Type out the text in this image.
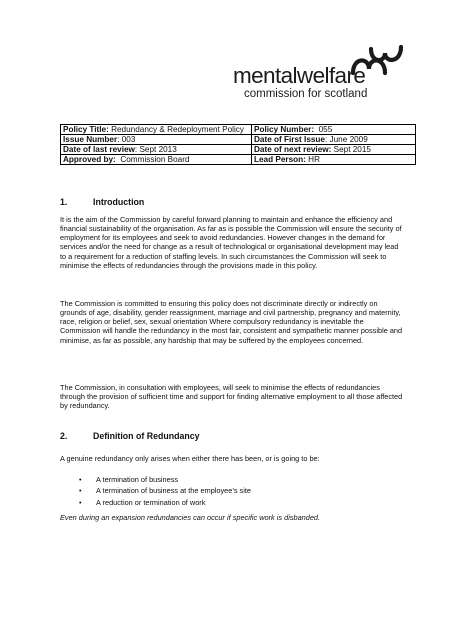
mentalwelfare
commission for scotland
Policy Title: Redundancy & Redeployment Policy	Policy Number: 055
Issue Number: 003	Date of First Issue: June 2009
Date of last review: Sept 2013	Date of next review: Sept 2015
Approved by: Commission Board	Lead Person: HR
1.	Introduction
It is the aim of the Commission by careful forward planning to maintain and enhance the efficiency and financial sustainability of the organisation. As far as is possible the Commission will ensure the security of employment for its employees and seek to avoid redundancies. However changes in the demand for services and/or the need for change as a result of technological or organisational development may lead to a requirement for a reduction of staffing levels. In such circumstances the Commission will seek to minimise the effects of redundancies through the provisions made in this policy.
The Commission is committed to ensuring this policy does not discriminate directly or indirectly on grounds of age, disability, gender reassignment, marriage and civil partnership, pregnancy and maternity, race, religion or belief, sex, sexual orientation Where compulsory redundancy is inevitable the Commission will handle the redundancy in the most fair, consistent and sympathetic manner possible and minimise, as far as possible, any hardship that may be suffered by the employees concerned.
The Commission, in consultation with employees, will seek to minimise the effects of redundancies through the provision of sufficient time and support for finding alternative employment to all those affected by redundancy.
2.	Definition of Redundancy
A genuine redundancy only arises when either there has been, or is going to be:
• A termination of business
• A termination of business at the employee’s site
• A reduction or termination of work
Even during an expansion redundancies can occur if specific work is disbanded.
